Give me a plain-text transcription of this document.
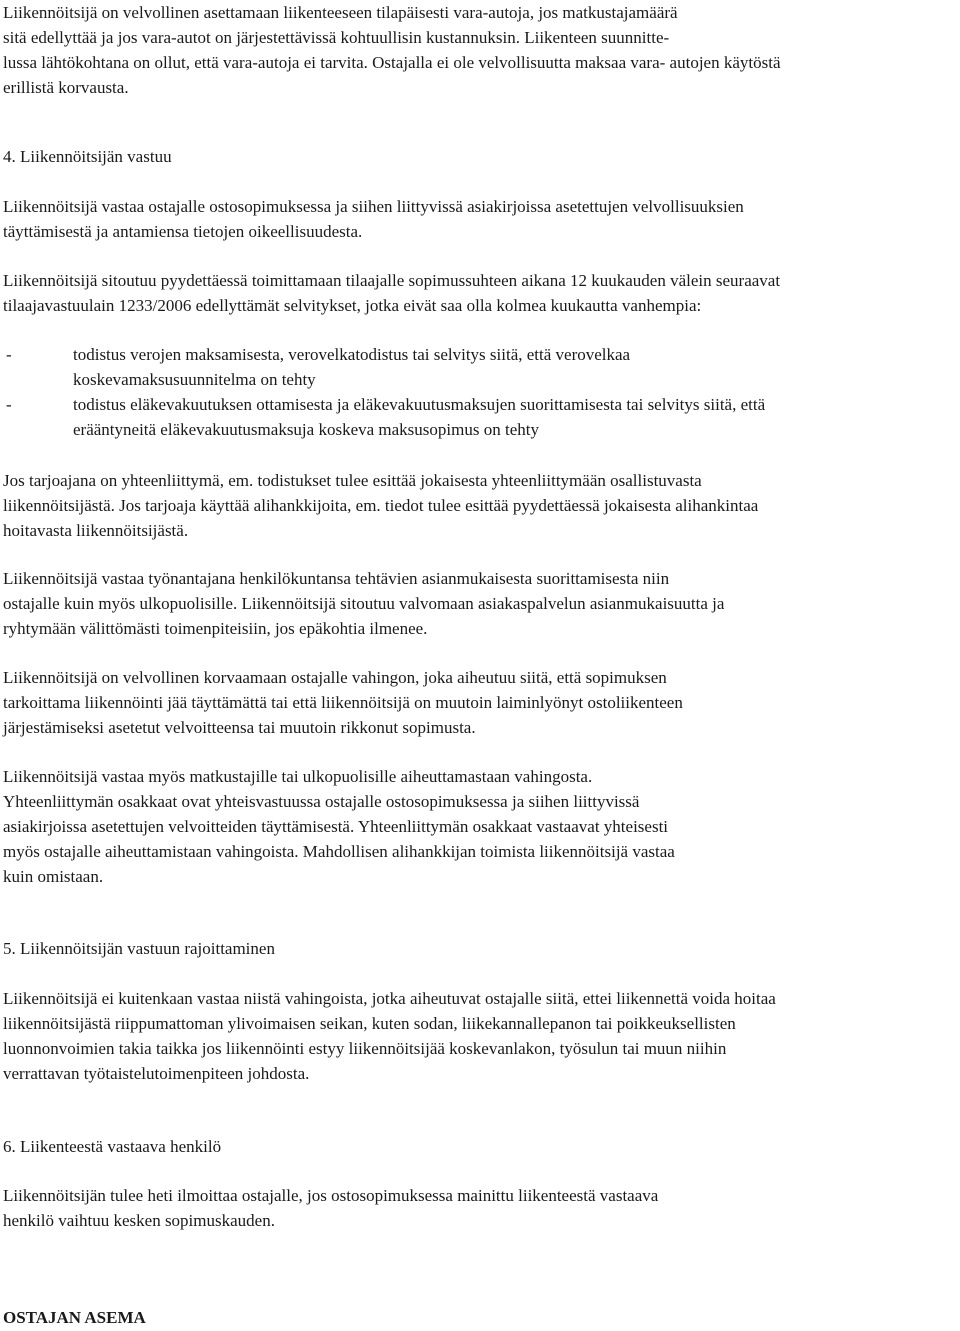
Liikennöitsijä on velvollinen asettamaan liikenteeseen tilapäisesti vara-autoja, jos matkustajamäärä
sitä edellyttää ja jos vara-autot on järjestettävissä kohtuullisin kustannuksin. Liikenteen suunnitte-
lussa lähtökohtana on ollut, että vara-autoja ei tarvita. Ostajalla ei ole velvollisuutta maksaa vara- autojen käytöstä
erillistä korvausta.
4. Liikennöitsijän vastuu
Liikennöitsijä vastaa ostajalle ostosopimuksessa ja siihen liittyvissä asiakirjoissa asetettujen velvollisuuksien
täyttämisestä ja antamiensa tietojen oikeellisuudesta.
Liikennöitsijä sitoutuu pyydettäessä toimittamaan tilaajalle sopimussuhteen aikana 12 kuukauden välein seuraavat
tilaajavastuulain 1233/2006 edellyttämät selvitykset, jotka eivät saa olla kolmea kuukautta vanhempia:
-	todistus verojen maksamisesta, verovelkatodistus tai selvitys siitä, että verovelkaa
koskevamaksusuunnitelma on tehty
-	todistus eläkevakuutuksen ottamisesta ja eläkevakuutusmaksujen suorittamisesta tai selvitys siitä, että
erääntyneitä eläkevakuutusmaksuja koskeva maksusopimus on tehty
Jos tarjoajana on yhteenliittymä, em. todistukset tulee esittää jokaisesta yhteenliittymään osallistuvasta
liikennöitsijästä. Jos tarjoaja käyttää alihankkijoita, em. tiedot tulee esittää pyydettäessä jokaisesta alihankintaa
hoitavasta liikennöitsijästä.
Liikennöitsijä vastaa työnantajana henkilökuntansa tehtävien asianmukaisesta suorittamisesta niin
ostajalle kuin myös ulkopuolisille. Liikennöitsijä sitoutuu valvomaan asiakaspalvelun asianmukaisuutta ja
ryhtymään välittömästi toimenpiteisiin, jos epäkohtia ilmenee.
Liikennöitsijä on velvollinen korvaamaan ostajalle vahingon, joka aiheutuu siitä, että sopimuksen
tarkoittama liikennöinti jää täyttämättä tai että liikennöitsijä on muutoin laiminlyönyt ostoliikenteen
järjestämiseksi asetetut velvoitteensa tai muutoin rikkonut sopimusta.
Liikennöitsijä vastaa myös matkustajille tai ulkopuolisille aiheuttamastaan vahingosta.
Yhteenliittymän osakkaat ovat yhteisvastuussa ostajalle ostosopimuksessa ja siihen liittyvissä
asiakirjoissa asetettujen velvoitteiden täyttämisestä. Yhteenliittymän osakkaat vastaavat yhteisesti
myös ostajalle aiheuttamistaan vahingoista. Mahdollisen alihankkijan toimista liikennöitsijä vastaa
kuin omistaan.
5. Liikennöitsijän vastuun rajoittaminen
Liikennöitsijä ei kuitenkaan vastaa niistä vahingoista, jotka aiheutuvat ostajalle siitä, ettei liikennettä voida hoitaa
liikennöitsijästä riippumattoman ylivoimaisen seikan, kuten sodan, liikekannallepanon tai poikkeuksellisten
luonnonvoimien takia taikka jos liikennöinti estyy liikennöitsijää koskevanlakon, työsulun tai muun niihin
verrattavan työtaistelutoimenpiteen johdosta.
6. Liikenteestä vastaava henkilö
Liikennöitsijän tulee heti ilmoittaa ostajalle, jos ostosopimuksessa mainittu liikenteestä vastaava
henkilö vaihtuu kesken sopimuskauden.
OSTAJAN ASEMA
